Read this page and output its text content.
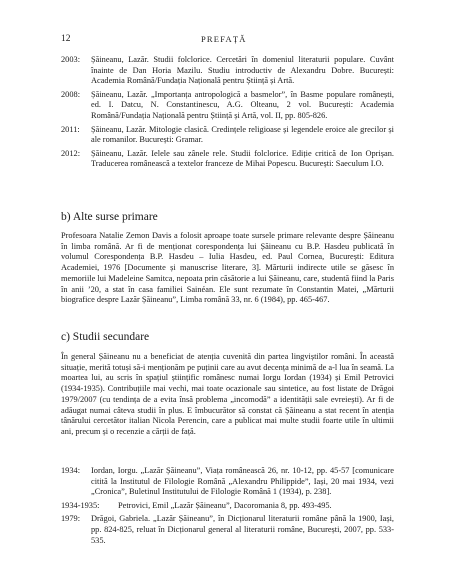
12	PREFAȚĂ
2003:	Șăineanu, Lazăr. Studii folclorice. Cercetări în domeniul literaturii populare. Cuvânt înainte de Dan Horia Mazilu. Studiu introductiv de Alexandru Dobre. București: Academia Română/Fundația Națională pentru Știință și Artă.
2008:	Șăineanu, Lazăr. „Importanța antropologică a basmelor”, în Basme populare românești, ed. I. Datcu, N. Constantinescu, A.G. Olteanu, 2 vol. București: Academia Română/Fundația Națională pentru Știință și Artă, vol. II, pp. 805-826.
2011:	Șăineanu, Lazăr. Mitologie clasică. Credințele religioase și legendele eroice ale grecilor și ale romanilor. București: Gramar.
2012:	Șăineanu, Lazăr. Ielele sau zânele rele. Studii folclorice. Ediție critică de Ion Oprișan. Traducerea românească a textelor franceze de Mihai Popescu. București: Saeculum I.O.
b) Alte surse primare

Profesoara Natalie Zemon Davis a folosit aproape toate sursele primare relevante despre Șăineanu în limba română. Ar fi de menționat corespondența lui Șăineanu cu B.P. Hasdeu publicată în volumul Corespondența B.P. Hasdeu – Iulia Hasdeu, ed. Paul Cornea, București: Editura Academiei, 1976 [Documente și manuscrise literare, 3]. Mărturii indirecte utile se găsesc în memoriile lui Madeleine Samitca, nepoata prin căsătorie a lui Șăineanu, care, studentă fiind la Paris în anii ’20, a stat în casa familiei Sainéan. Ele sunt rezumate în Constantin Matei, „Mărturii biografice despre Lazăr Șăineanu”, Limba română 33, nr. 6 (1984), pp. 465-467.

c) Studii secundare

În general Șăineanu nu a beneficiat de atenția cuvenită din partea lingviștilor români. În această situație, merită totuși să-i menționăm pe puținii care au avut decența minimă de a-l lua în seamă. La moartea lui, au scris în spațiul științific românesc numai Iorgu Iordan (1934) și Emil Petrovici (1934-1935). Contribuțiile mai vechi, mai toate ocazionale sau sintetice, au fost listate de Drăgoi 1979/2007 (cu tendința de a evita însă problema „incomodă” a identității sale evreiești). Ar fi de adăugat numai câteva studii în plus. E îmbucurător să constat că Șăineanu a stat recent în atenția tânărului cercetător italian Nicola Perencin, care a publicat mai multe studii foarte utile în ultimii ani, precum și o recenzie a cărții de față.

1934:	Iordan, Iorgu. „Lazăr Șăineanu”, Viața românească 26, nr. 10-12, pp. 45-57 [comunicare citită la Institutul de Filologie Română „Alexandru Philippide”, Iași, 20 mai 1934, vezi „Cronica”, Buletinul Institutului de Filologie Română 1 (1934), p. 238].
1934-1935:	Petrovici, Emil „Lazăr Șăineanu”, Dacoromania 8, pp. 493-495.
1979:	Drăgoi, Gabriela. „Lazăr Șăineanu”, în Dicționarul literaturii române până la 1900, Iași, pp. 824-825, reluat în Dicționarul general al literaturii române, București, 2007, pp. 533-535.
